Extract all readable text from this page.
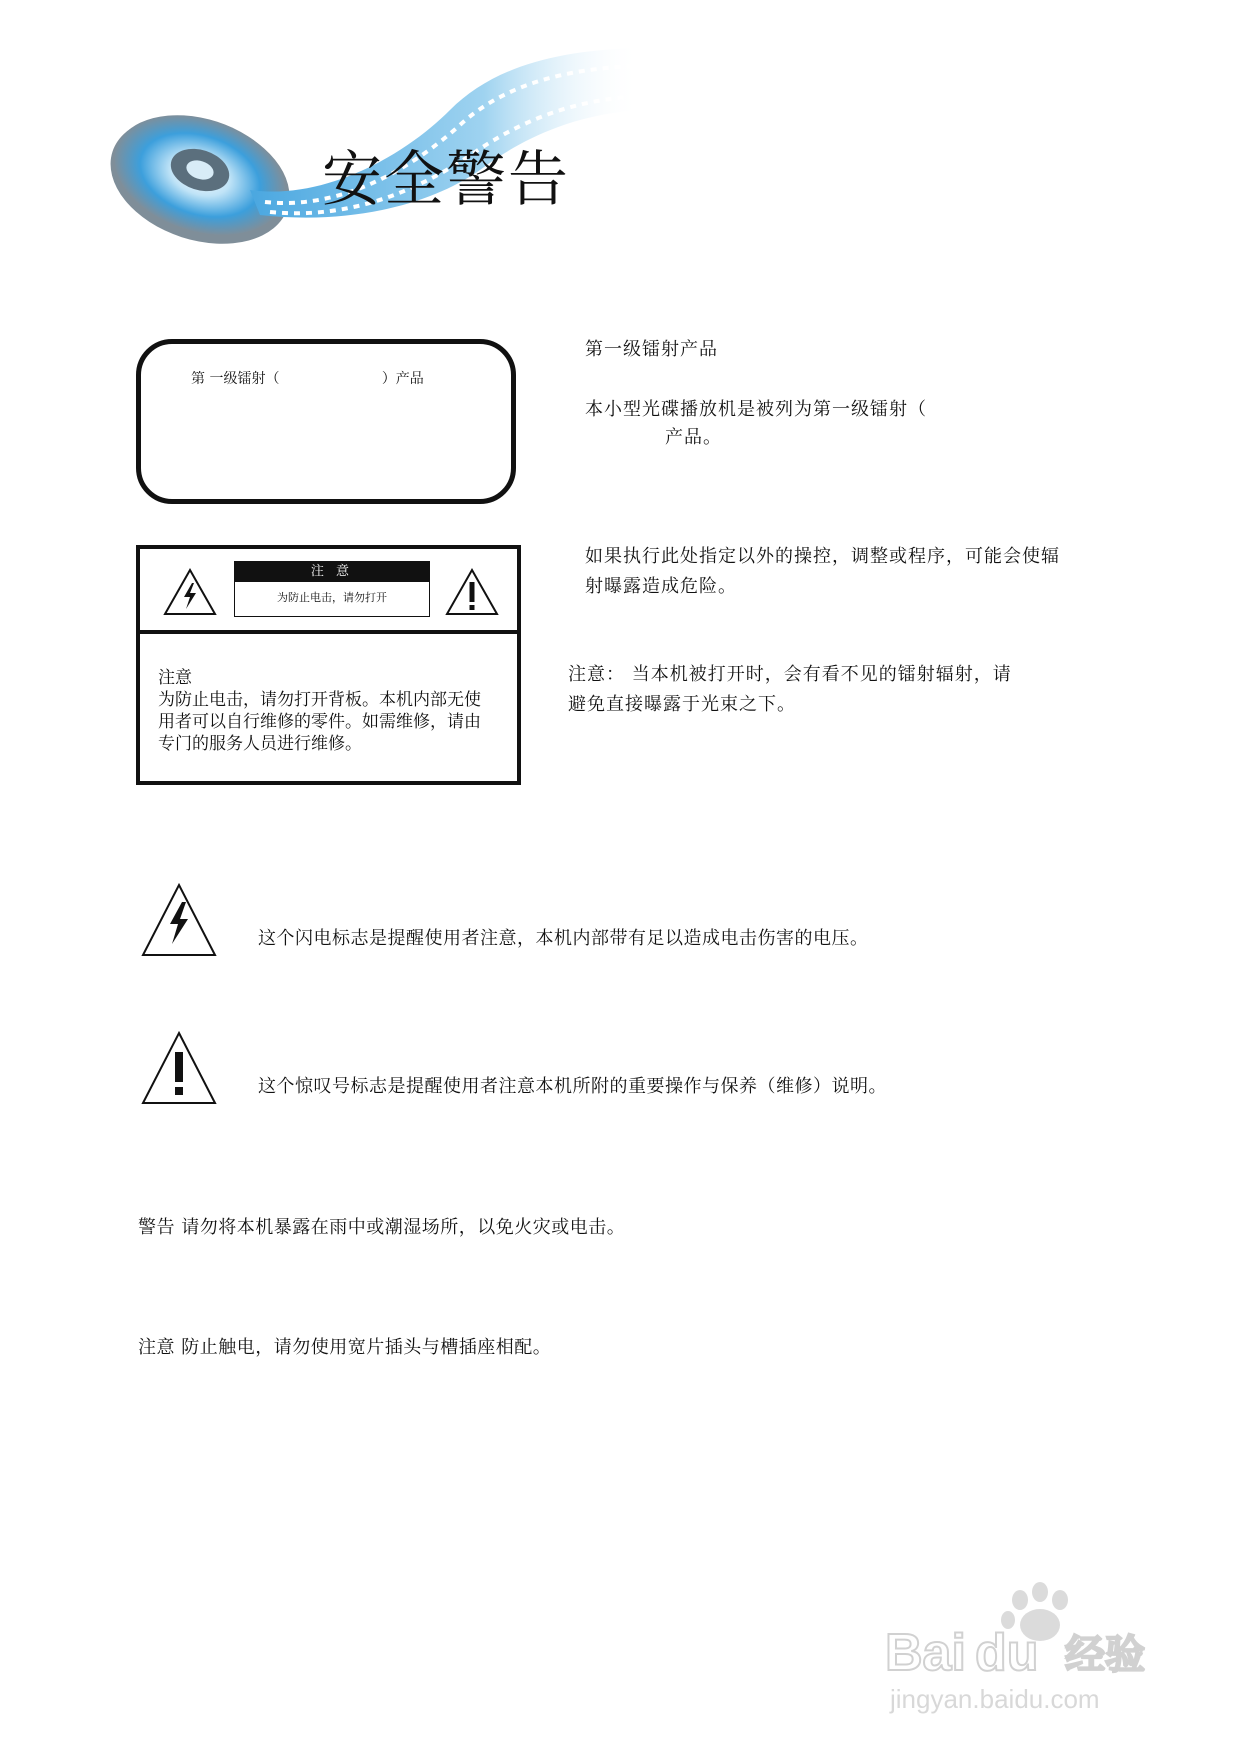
安全警告
第 一级镭射（	）产品
注 意
为防止电击，请勿打开
注意
为防止电击，请勿打开背板。本机内部无使
用者可以自行维修的零件。如需维修，请由
专门的服务人员进行维修。
第一级镭射产品
本小型光碟播放机是被列为第一级镭射（
产品。
如果执行此处指定以外的操控，调整或程序，可能会使辐
射曝露造成危险。
注意： 当本机被打开时，会有看不见的镭射辐射，请
避免直接曝露于光束之下。
这个闪电标志是提醒使用者注意，本机内部带有足以造成电击伤害的电压。
这个惊叹号标志是提醒使用者注意本机所附的重要操作与保养（维修）说明。
警告 请勿将本机暴露在雨中或潮湿场所，以免火灾或电击。
注意 防止触电，请勿使用宽片插头与槽插座相配。
Bai du 经验
jingyan.baidu.com
